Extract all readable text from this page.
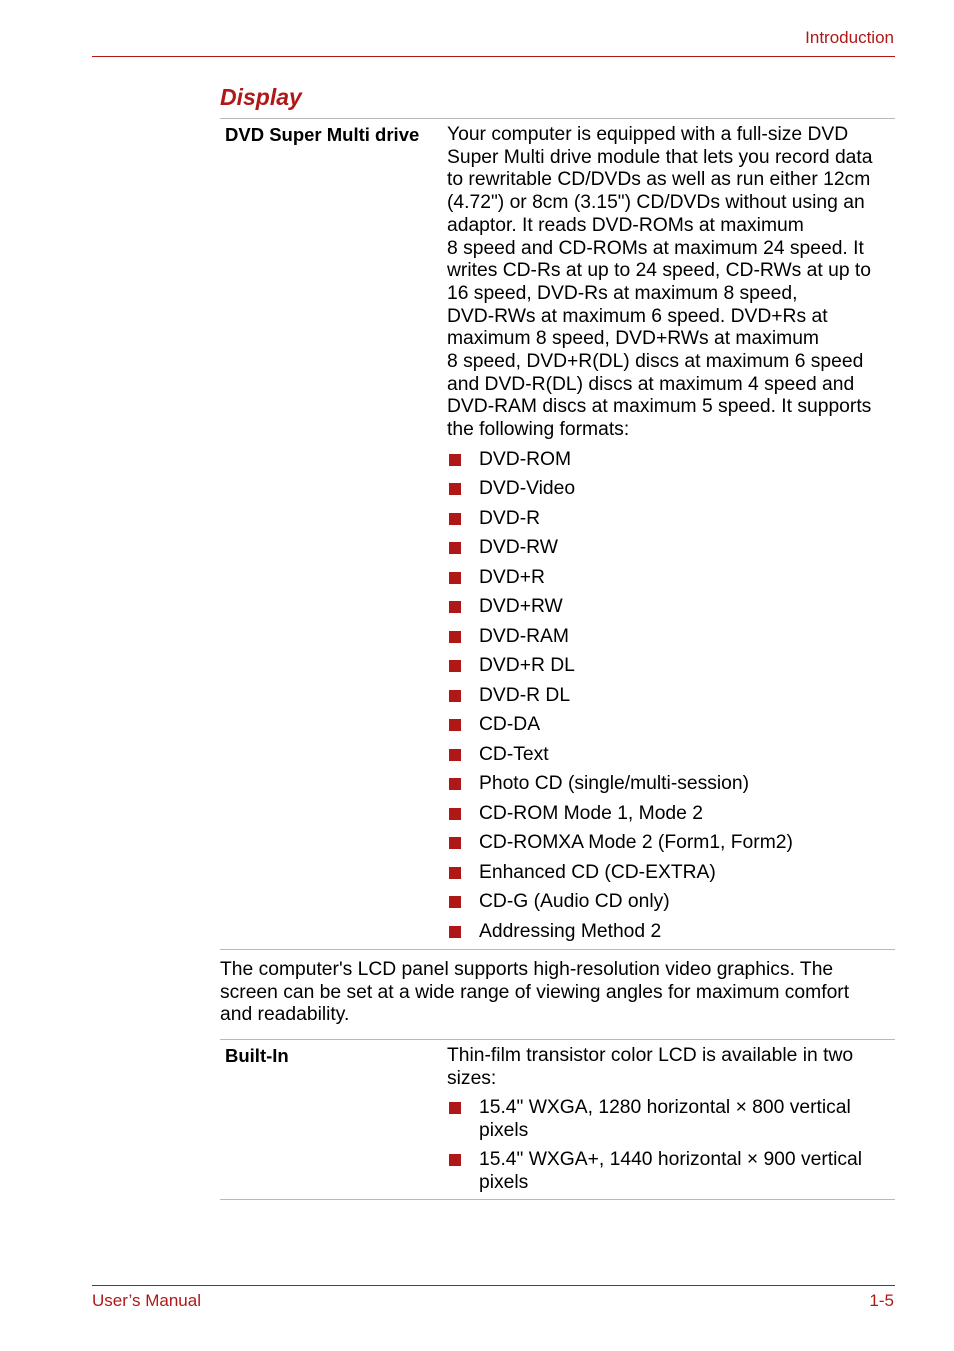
Introduction
Display
DVD Super Multi drive	Your computer is equipped with a full-size DVD
Super Multi drive module that lets you record data
to rewritable CD/DVDs as well as run either 12cm
(4.72") or 8cm (3.15") CD/DVDs without using an
adaptor. It reads DVD-ROMs at maximum
8 speed and CD-ROMs at maximum 24 speed. It
writes CD-Rs at up to 24 speed, CD-RWs at up to
16 speed, DVD-Rs at maximum 8 speed,
DVD-RWs at maximum 6 speed. DVD+Rs at
maximum 8 speed, DVD+RWs at maximum
8 speed, DVD+R(DL) discs at maximum 6 speed
and DVD-R(DL) discs at maximum 4 speed and
DVD-RAM discs at maximum 5 speed. It supports
the following formats:

DVD-ROM
DVD-Video
DVD-R
DVD-RW
DVD+R
DVD+RW
DVD-RAM
DVD+R DL
DVD-R DL
CD-DA
CD-Text
Photo CD (single/multi-session)
CD-ROM Mode 1, Mode 2
CD-ROMXA Mode 2 (Form1, Form2)
Enhanced CD (CD-EXTRA)
CD-G (Audio CD only)
Addressing Method 2

The computer's LCD panel supports high-resolution video graphics. The
screen can be set at a wide range of viewing angles for maximum comfort
and readability.

Built-In	Thin-film transistor color LCD is available in two
sizes:

15.4" WXGA, 1280 horizontal × 800 vertical
pixels
15.4" WXGA+, 1440 horizontal × 900 vertical
pixels
User’s Manual	1-5
